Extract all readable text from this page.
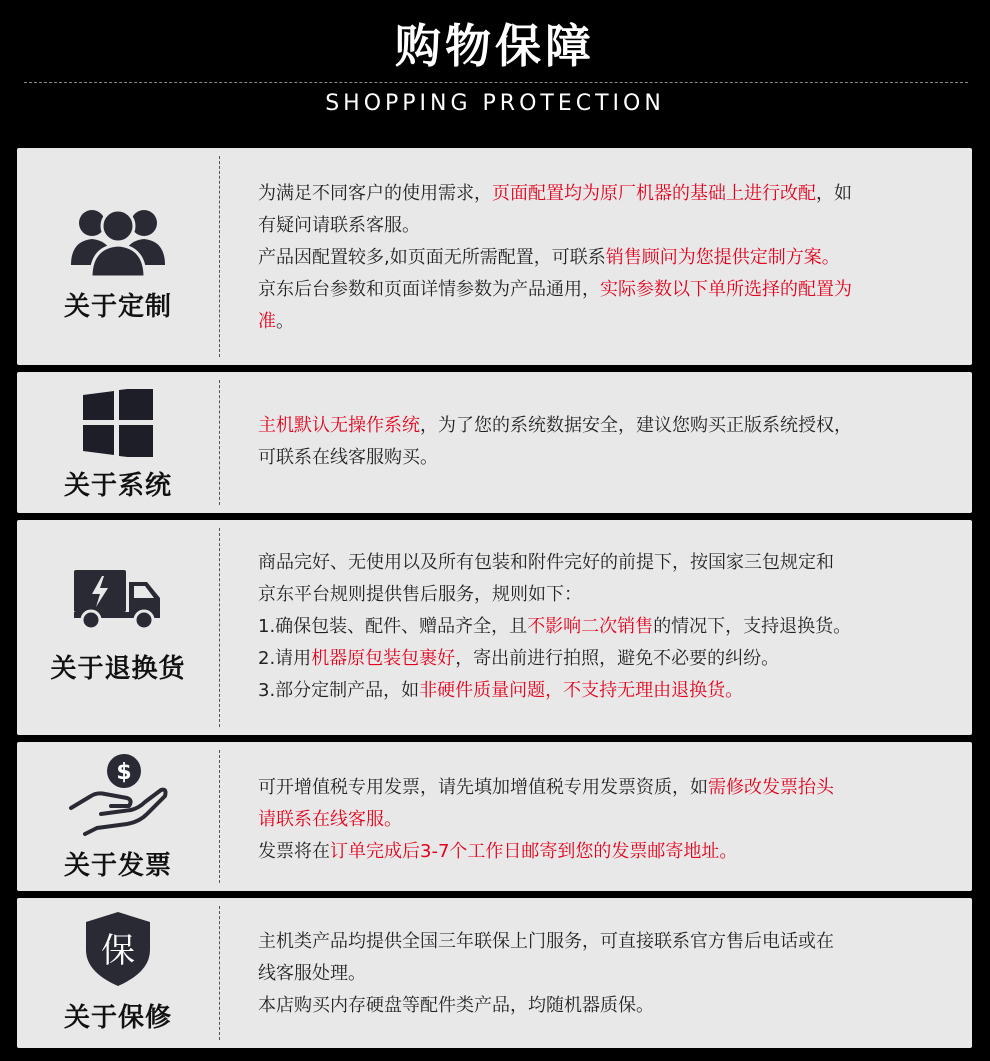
购物保障
SHOPPING PROTECTION
关于定制
为满足不同客户的使用需求，页面配置均为原厂机器的基础上进行改配，如
有疑问请联系客服。
产品因配置较多,如页面无所需配置，可联系销售顾问为您提供定制方案。
京东后台参数和页面详情参数为产品通用，实际参数以下单所选择的配置为
准。
关于系统
主机默认无操作系统，为了您的系统数据安全，建议您购买正版系统授权，
可联系在线客服购买。
关于退换货
商品完好、无使用以及所有包装和附件完好的前提下，按国家三包规定和
京东平台规则提供售后服务，规则如下：
1.确保包装、配件、赠品齐全，且不影响二次销售的情况下，支持退换货。
2.请用机器原包装包裹好，寄出前进行拍照，避免不必要的纠纷。
3.部分定制产品，如非硬件质量问题，不支持无理由退换货。
$
关于发票
可开增值税专用发票，请先填加增值税专用发票资质，如需修改发票抬头
请联系在线客服。
发票将在订单完成后3-7个工作日邮寄到您的发票邮寄地址。
保
关于保修
主机类产品均提供全国三年联保上门服务，可直接联系官方售后电话或在
线客服处理。
本店购买内存硬盘等配件类产品，均随机器质保。
